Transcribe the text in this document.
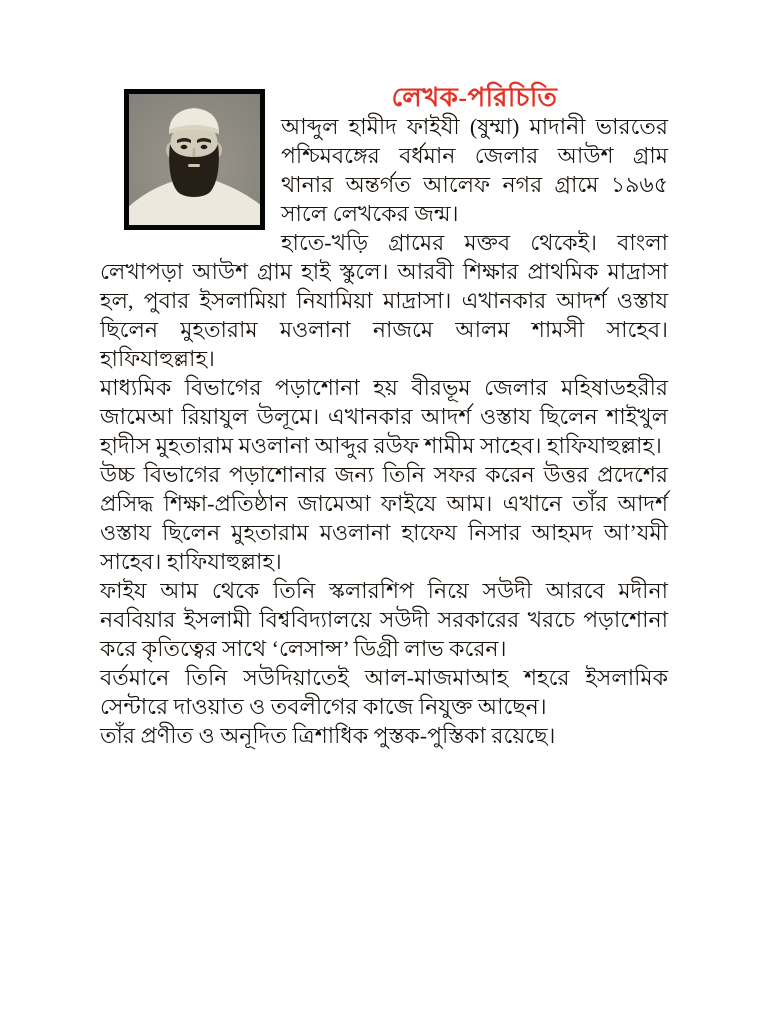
লেখক-পরিচিতি

আব্দুল হামীদ ফাইযী (ষুম্মা) মাদানী ভারতের পশ্চিমবঙ্গের বর্ধমান জেলার আউশ গ্রাম থানার অন্তর্গত আলেফ নগর গ্রামে ১৯৬৫ সালে লেখকের জন্ম।

হাতে-খড়ি গ্রামের মক্তব থেকেই। বাংলা লেখাপড়া আউশ গ্রাম হাই স্কুলে। আরবী শিক্ষার প্রাথমিক মাদ্রাসা হল, পুবার ইসলামিয়া নিযামিয়া মাদ্রাসা। এখানকার আদর্শ ওস্তায ছিলেন মুহতারাম মওলানা নাজমে আলম শামসী সাহেব। হাফিযাহুল্লাহ।

মাধ্যমিক বিভাগের পড়াশোনা হয় বীরভূম জেলার মহিষাডহরীর জামেআ রিয়াযুল উলূমে। এখানকার আদর্শ ওস্তায ছিলেন শাইখুল হাদীস মুহতারাম মওলানা আব্দুর রউফ শামীম সাহেব। হাফিযাহুল্লাহ।

উচ্চ বিভাগের পড়াশোনার জন্য তিনি সফর করেন উত্তর প্রদেশের প্রসিদ্ধ শিক্ষা-প্রতিষ্ঠান জামেআ ফাইযে আম। এখানে তাঁর আদর্শ ওস্তায ছিলেন মুহতারাম মওলানা হাফেয নিসার আহমদ আ’যমী সাহেব। হাফিযাহুল্লাহ।

ফাইয আম থেকে তিনি স্কলারশিপ নিয়ে সউদী আরবে মদীনা নববিয়ার ইসলামী বিশ্ববিদ্যালয়ে সউদী সরকারের খরচে পড়াশোনা করে কৃতিত্বের সাথে ‘লেসান্স’ ডিগ্রী লাভ করেন।

বর্তমানে তিনি সউদিয়াতেই আল-মাজমাআহ শহরে ইসলামিক সেন্টারে দাওয়াত ও তবলীগের কাজে নিযুক্ত আছেন।

তাঁর প্রণীত ও অনূদিত ত্রিশাধিক পুস্তক-পুস্তিকা রয়েছে।
